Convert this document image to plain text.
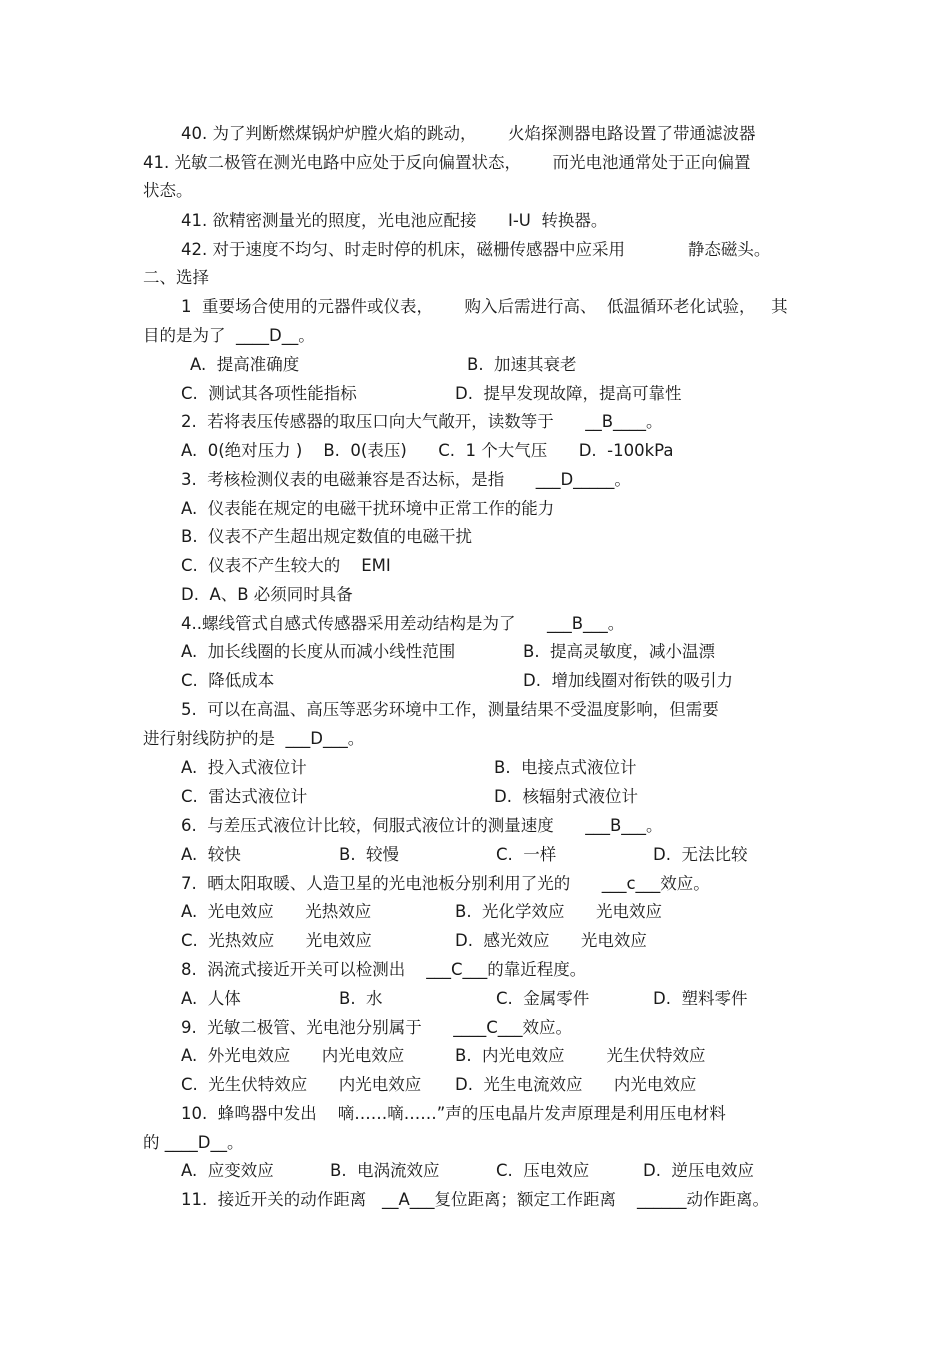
40. 为了判断燃煤锅炉炉膛火焰的跳动，      火焰探测器电路设置了带通滤波器
41. 光敏二极管在测光电路中应处于反向偏置状态，      而光电池通常处于正向偏置
状态。
41. 欲精密测量光的照度，光电池应配接      I-U  转换器。
42. 对于速度不均匀、时走时停的机床，磁栅传感器中应采用            静态磁头。
二、选择
1  重要场合使用的元器件或仪表，      购入后需进行高、  低温循环老化试验，   其
目的是为了  ____D__。
A.  提高准确度	B.  加速其衰老
C.  测试其各项性能指标	D.  提早发现故障，提高可靠性
2.  若将表压传感器的取压口向大气敞开，读数等于      __B____。
A.  0(绝对压力 )    B.  0(表压)      C.  1 个大气压      D.  -100kPa
3.  考核检测仪表的电磁兼容是否达标，是指      ___D_____。
A.  仪表能在规定的电磁干扰环境中正常工作的能力
B.  仪表不产生超出规定数值的电磁干扰
C.  仪表不产生较大的    EMI
D.  A、B 必须同时具备
4..螺线管式自感式传感器采用差动结构是为了      ___B___。
A.  加长线圈的长度从而减小线性范围	B.  提高灵敏度，减小温漂
C.  降低成本	D.  增加线圈对衔铁的吸引力
5.  可以在高温、高压等恶劣环境中工作，测量结果不受温度影响，但需要
进行射线防护的是  ___D___。
A.  投入式液位计	B.  电接点式液位计
C.  雷达式液位计	D.  核辐射式液位计
6.  与差压式液位计比较，伺服式液位计的测量速度      ___B___。
A.  较快	B.  较慢	C.  一样	D.  无法比较
7.  晒太阳取暖、人造卫星的光电池板分别利用了光的      ___c___效应。
A.  光电效应      光热效应	B.  光化学效应      光电效应
C.  光热效应      光电效应	D.  感光效应      光电效应
8.  涡流式接近开关可以检测出    ___C___的靠近程度。
A.  人体	B.  水	C.  金属零件	D.  塑料零件
9.  光敏二极管、光电池分别属于      ____C___效应。
A.  外光电效应      内光电效应	B.  内光电效应        光生伏特效应
C.  光生伏特效应      内光电效应 D.  光生电流效应      内光电效应
10.  蜂鸣器中发出    嘀……嘀……”声的压电晶片发声原理是利用压电材料
的 ____D__。
A.  应变效应	B.  电涡流效应	C.  压电效应	D.  逆压电效应
11.  接近开关的动作距离   __A___复位距离；额定工作距离    ______动作距离。
